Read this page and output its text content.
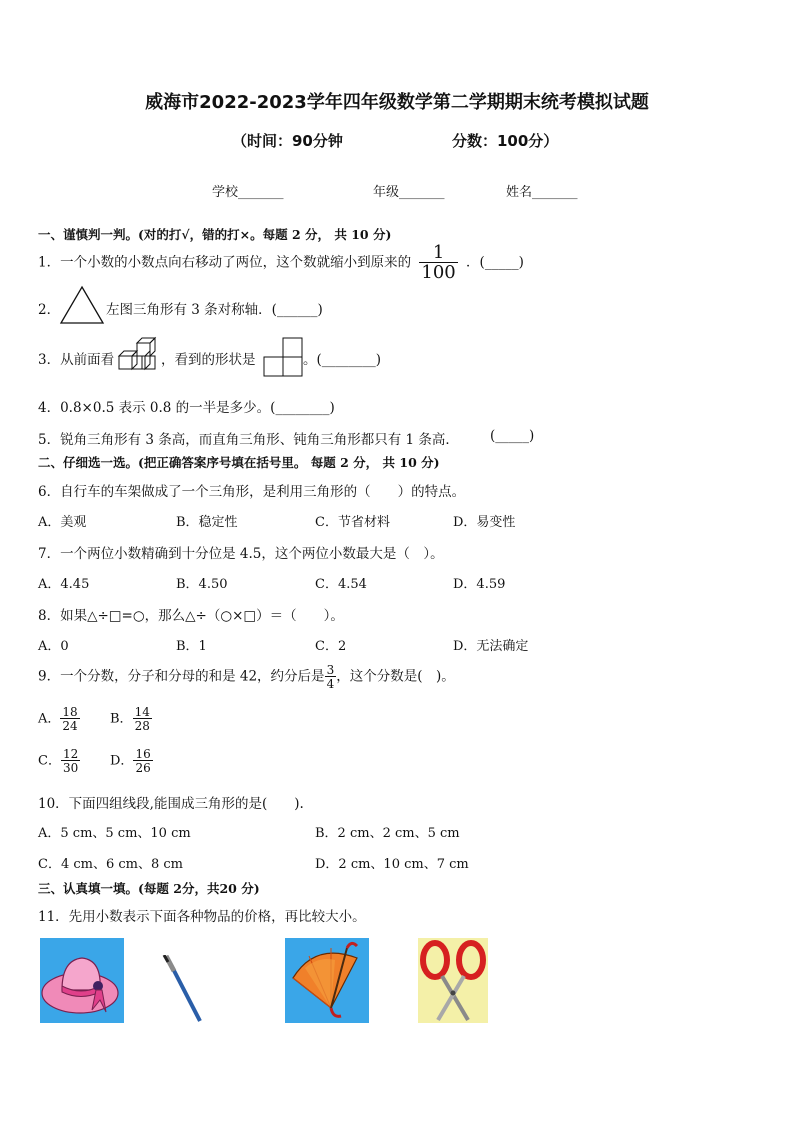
威海市2022-2023学年四年级数学第二学期期末统考模拟试题
（时间：90分钟	分数：100分）
学校_______	年级_______	姓名_______
一、谨慎判一判。(对的打√，错的打×。每题 2 分， 共 10 分)
1．一个小数的小数点向右移动了两位，这个数就缩小到原来的 $\frac{1}{100}$ ．(_____)
2．	左图三角形有 3 条对称轴．(______)
3．从前面看	，看到的形状是	。(________)
4．0.8×0.5 表示 0.8 的一半是多少。(________)
5．锐角三角形有 3 条高，而直角三角形、钝角三角形都只有 1 条高． (_____)
二、仔细选一选。(把正确答案序号填在括号里。 每题 2 分， 共 10 分)
6．自行车的车架做成了一个三角形，是利用三角形的（　　）的特点。
A．美观	B．稳定性	C．节省材料	D．易变性
7．一个两位小数精确到十分位是 4.5，这个两位小数最大是（　）。
A．4.45	B．4.50	C．4.54	D．4.59
8．如果△÷□=○，那么△÷（○×□）＝（　　）。
A．0	B．1	C．2	D．无法确定
9．一个分数，分子和分母的和是 42，约分后是 $\frac{3}{4}$ ，这个分数是(　)。
A． $\frac{18}{24}$ B． $\frac{14}{28}$
C． $\frac{12}{30}$ D． $\frac{16}{26}$
10．下面四组线段,能围成三角形的是(　　).
A．5 cm、5 cm、10 cm	B．2 cm、2 cm、5 cm
C．4 cm、6 cm、8 cm	D．2 cm、10 cm、7 cm
三、认真填一填。(每题 2分，共20 分)
11．先用小数表示下面各种物品的价格，再比较大小。
